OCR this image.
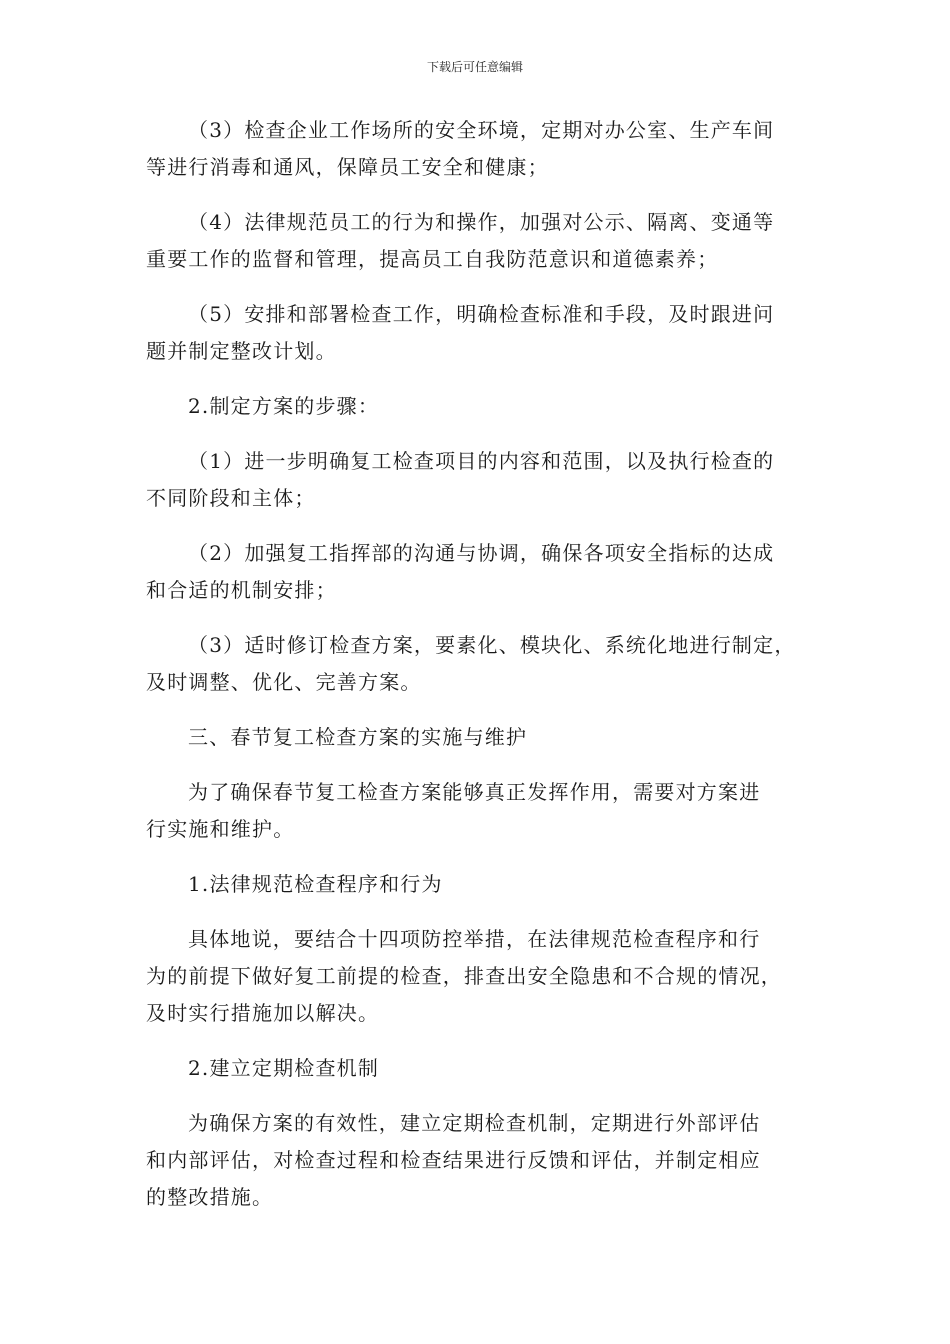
下载后可任意编辑
（3）检查企业工作场所的安全环境，定期对办公室、生产车间
等进行消毒和通风，保障员工安全和健康；
（4）法律规范员工的行为和操作，加强对公示、隔离、变通等
重要工作的监督和管理，提高员工自我防范意识和道德素养；
（5）安排和部署检查工作，明确检查标准和手段，及时跟进问
题并制定整改计划。
2.制定方案的步骤：
（1）进一步明确复工检查项目的内容和范围，以及执行检查的
不同阶段和主体；
（2）加强复工指挥部的沟通与协调，确保各项安全指标的达成
和合适的机制安排；
（3）适时修订检查方案，要素化、模块化、系统化地进行制定，
及时调整、优化、完善方案。
三、春节复工检查方案的实施与维护
为了确保春节复工检查方案能够真正发挥作用，需要对方案进
行实施和维护。
1.法律规范检查程序和行为
具体地说，要结合十四项防控举措，在法律规范检查程序和行
为的前提下做好复工前提的检查，排查出安全隐患和不合规的情况，
及时实行措施加以解决。
2.建立定期检查机制
为确保方案的有效性，建立定期检查机制，定期进行外部评估
和内部评估，对检查过程和检查结果进行反馈和评估，并制定相应
的整改措施。
